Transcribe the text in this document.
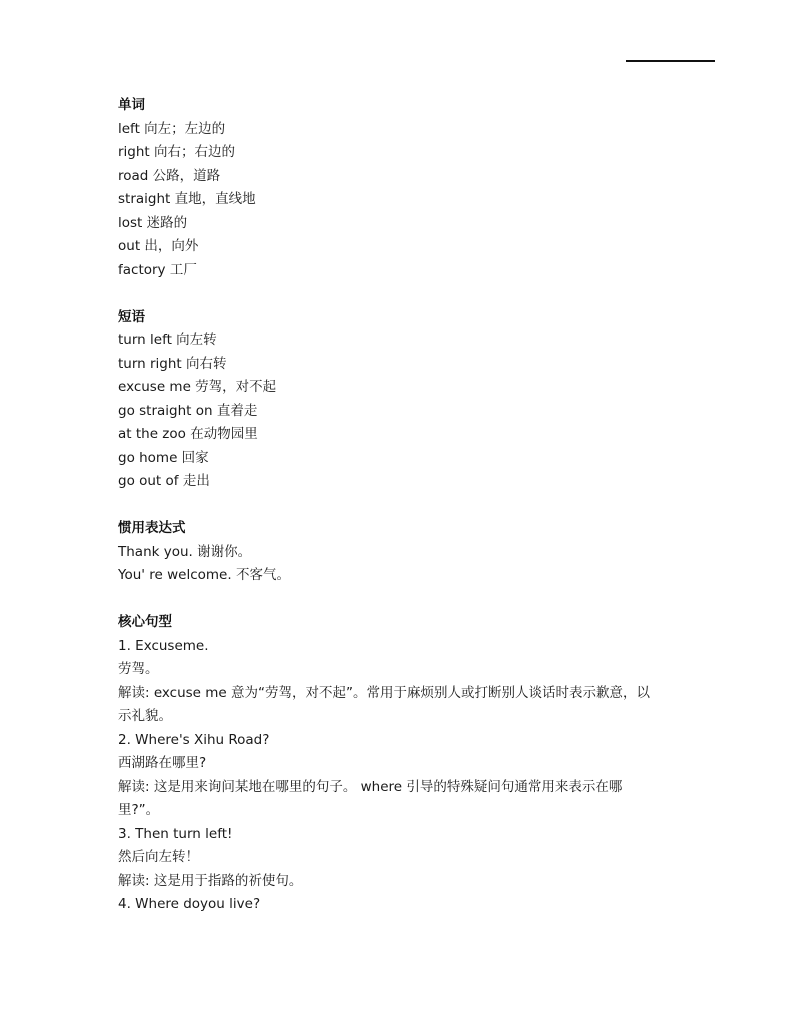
单词
left 向左；左边的
right 向右；右边的
road 公路，道路
straight 直地，直线地
lost 迷路的
out 出，向外
factory 工厂
短语
turn left 向左转
turn right 向右转
excuse me 劳驾，对不起
go straight on 直着走
at the zoo 在动物园里
go home 回家
go out of 走出
惯用表达式
Thank you. 谢谢你。
You' re welcome. 不客气。
核心句型
1. Excuseme.
劳驾。
解读: excuse me 意为“劳驾，对不起”。常用于麻烦别人或打断别人谈话时表示歉意，以
示礼貌。
2. Where's Xihu Road?
西湖路在哪里?
解读: 这是用来询问某地在哪里的句子。 where 引导的特殊疑问句通常用来表示在哪
里?”。
3. Then turn left!
然后向左转！
解读: 这是用于指路的祈使句。
4. Where doyou live?
